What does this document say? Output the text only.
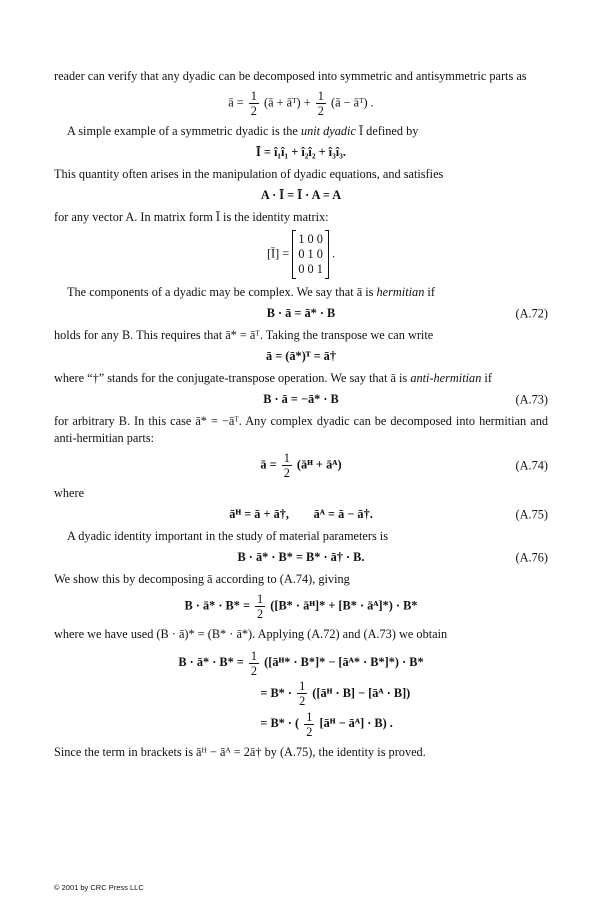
reader can verify that any dyadic can be decomposed into symmetric and antisymmetric parts as

ā = $\frac{1}{2}$ (ā + āᵀ) + $\frac{1}{2}$ (ā − āᵀ) .

A simple example of a symmetric dyadic is the unit dyadic Ī defined by

Ī = î₁î₁ + î₂î₂ + î₃î₃.

This quantity often arises in the manipulation of dyadic equations, and satisfies

A · Ī = Ī · A = A

for any vector A. In matrix form Ī is the identity matrix:

[Ī] =
1 0 0
0 1 0
0 0 1
.

The components of a dyadic may be complex. We say that ā is hermitian if

B · ā = ā* · B	(A.72)

holds for any B. This requires that ā* = āᵀ. Taking the transpose we can write

ā = (ā*)ᵀ = ā†

where “†” stands for the conjugate-transpose operation. We say that ā is anti-hermitian if

B · ā = −ā* · B	(A.73)

for arbitrary B. In this case ā* = −āᵀ. Any complex dyadic can be decomposed into hermitian and anti-hermitian parts:

ā = $\frac{1}{2}$ (āᴴ + āᴬ)	(A.74)

where

āᴴ = ā + ā†,        āᴬ = ā − ā†.	(A.75)

A dyadic identity important in the study of material parameters is

B · ā* · B* = B* · ā† · B.	(A.76)

We show this by decomposing ā according to (A.74), giving

B · ā* · $B* = \frac{1}{2} ([B*$ · āᴴ]* + [B* · āᴬ]*) · B*

where we have used (B · ā)* = (B* · ā*). Applying (A.72) and (A.73) we obtain

B · ā* · $B* = \frac{1}{2}$ ([āᴴ* · B*]* − [āᴬ* · B*]*) · B*
= $B* \cdot \frac{1}{2}$ ([āᴴ · B] − [āᴬ · B])
= B* · ( $\frac{1}{2}$ [āᴴ − āᴬ] · B) .

Since the term in brackets is āᴴ − āᴬ = 2ā† by (A.75), the identity is proved.

© 2001 by CRC Press LLC
